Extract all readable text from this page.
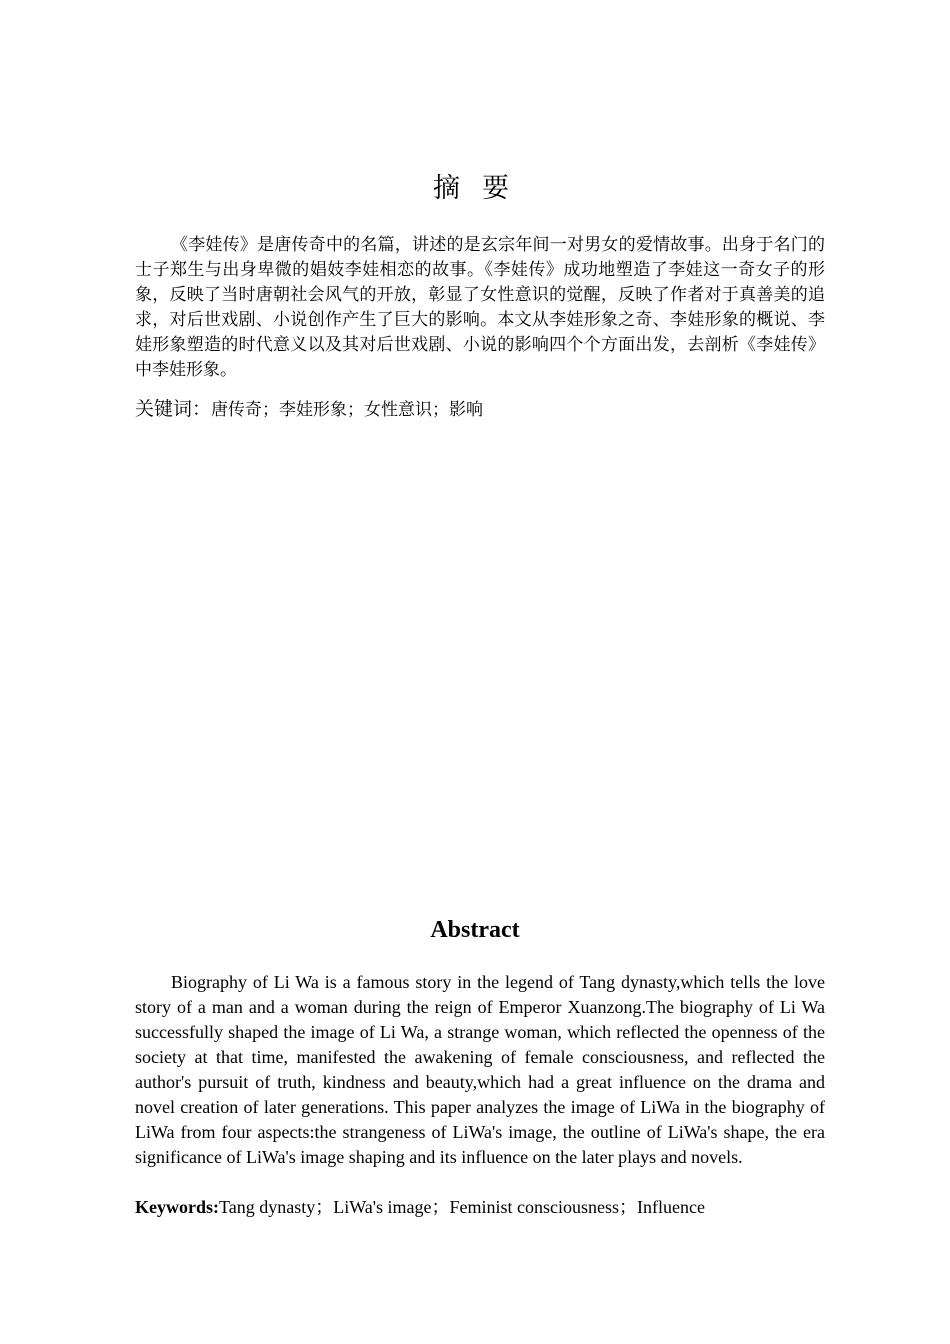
摘要

《李娃传》是唐传奇中的名篇，讲述的是玄宗年间一对男女的爱情故事。出身于名门的士子郑生与出身卑微的娼妓李娃相恋的故事。《李娃传》成功地塑造了李娃这一奇女子的形象，反映了当时唐朝社会风气的开放，彰显了女性意识的觉醒，反映了作者对于真善美的追求，对后世戏剧、小说创作产生了巨大的影响。本文从李娃形象之奇、李娃形象的概说、李娃形象塑造的时代意义以及其对后世戏剧、小说的影响四个个方面出发，去剖析《李娃传》中李娃形象。

关键词：唐传奇；李娃形象；女性意识；影响

Abstract

Biography of Li Wa is a famous story in the legend of Tang dynasty,which tells the love story of a man and a woman during the reign of Emperor Xuanzong.The biography of Li Wa successfully shaped the image of Li Wa, a strange woman, which reflected the openness of the society at that time, manifested the awakening of female consciousness, and reflected the author's pursuit of truth, kindness and beauty,which had a great influence on the drama and novel creation of later generations. This paper analyzes the image of LiWa in the biography of LiWa from four aspects:the strangeness of LiWa's image, the outline of LiWa's shape, the era significance of LiWa's image shaping and its influence on the later plays and novels.

Keywords:Tang dynasty；LiWa's image；Feminist consciousness；Influence
